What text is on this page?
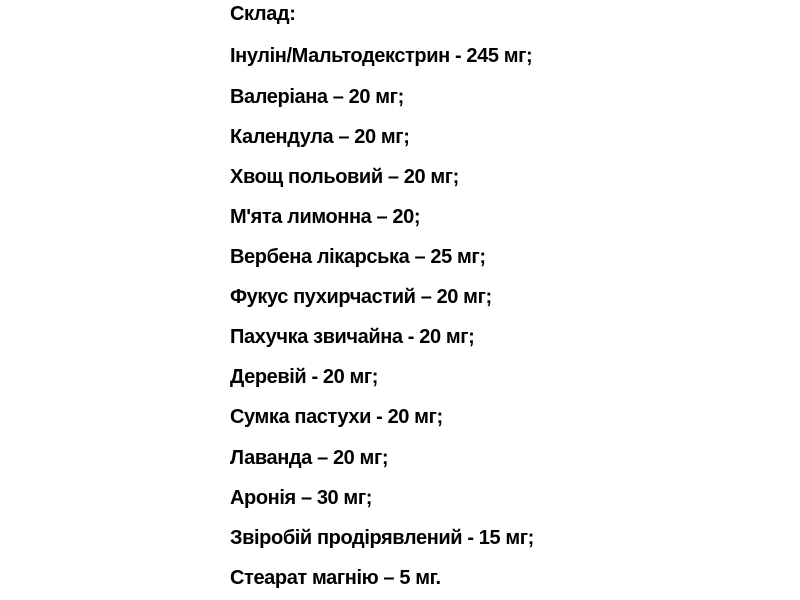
Склад:
Інулін/Мальтодекстрин - 245 мг;
Валеріана – 20 мг;
Календула – 20 мг;
Хвощ польовий – 20 мг;
М'ята лимонна – 20;
Вербена лікарська – 25 мг;
Фукус пухирчастий – 20 мг;
Пахучка звичайна - 20 мг;
Деревій - 20 мг;
Сумка пастухи - 20 мг;
Лаванда – 20 мг;
Аронія – 30 мг;
Звіробій продірявлений - 15 мг;
Стеарат магнію – 5 мг.
